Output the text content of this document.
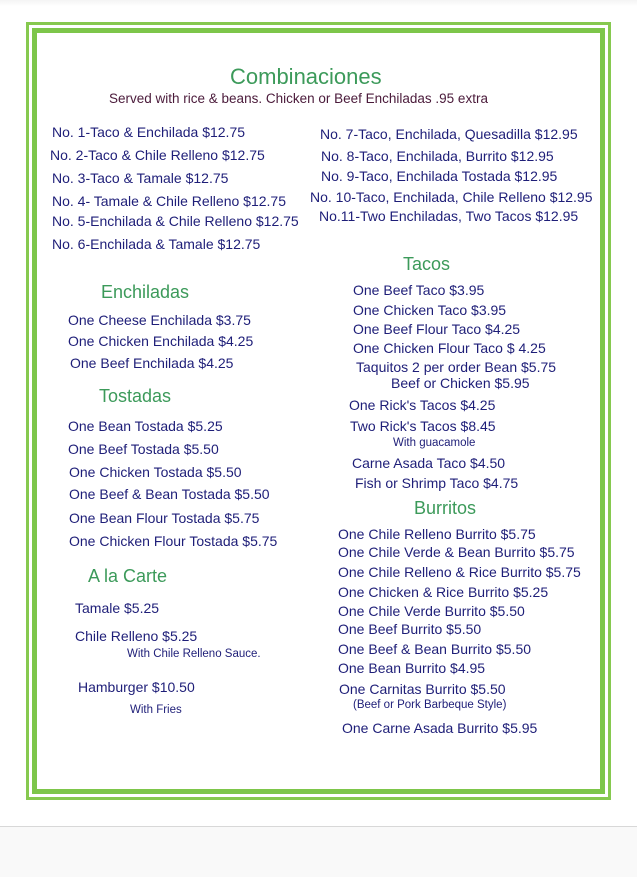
Combinaciones
Served with rice & beans. Chicken or Beef Enchiladas .95 extra
No. 1-Taco & Enchilada $12.75
No. 2-Taco & Chile Relleno $12.75
No. 3-Taco & Tamale $12.75
No. 4- Tamale & Chile Relleno $12.75
No. 5-Enchilada & Chile Relleno $12.75
No. 6-Enchilada & Tamale $12.75
No. 7-Taco, Enchilada, Quesadilla $12.95
No. 8-Taco, Enchilada, Burrito $12.95
No. 9-Taco, Enchilada Tostada $12.95
No. 10-Taco, Enchilada, Chile Relleno $12.95
No.11-Two Enchiladas, Two Tacos $12.95
Enchiladas
One Cheese Enchilada $3.75
One Chicken Enchilada $4.25
One Beef Enchilada $4.25
Tostadas
One Bean Tostada $5.25
One Beef Tostada $5.50
One Chicken Tostada $5.50
One Beef & Bean Tostada $5.50
One Bean Flour Tostada $5.75
One Chicken Flour Tostada $5.75
A la Carte
Tamale $5.25
Chile Relleno $5.25
With Chile Relleno Sauce.
Hamburger $10.50
With Fries
Tacos
One Beef Taco $3.95
One Chicken Taco $3.95
One Beef Flour Taco $4.25
One Chicken Flour Taco $ 4.25
Taquitos 2 per order Bean $5.75
Beef or Chicken $5.95
One Rick's Tacos $4.25
Two Rick's Tacos $8.45
With guacamole
Carne Asada Taco $4.50
Fish or Shrimp Taco $4.75
Burritos
One Chile Relleno Burrito $5.75
One Chile Verde & Bean Burrito $5.75
One Chile Relleno & Rice Burrito $5.75
One Chicken & Rice Burrito $5.25
One Chile Verde Burrito $5.50
One Beef Burrito $5.50
One Beef & Bean Burrito $5.50
One Bean Burrito $4.95
One Carnitas Burrito $5.50
(Beef or Pork Barbeque Style)
One Carne Asada Burrito $5.95
